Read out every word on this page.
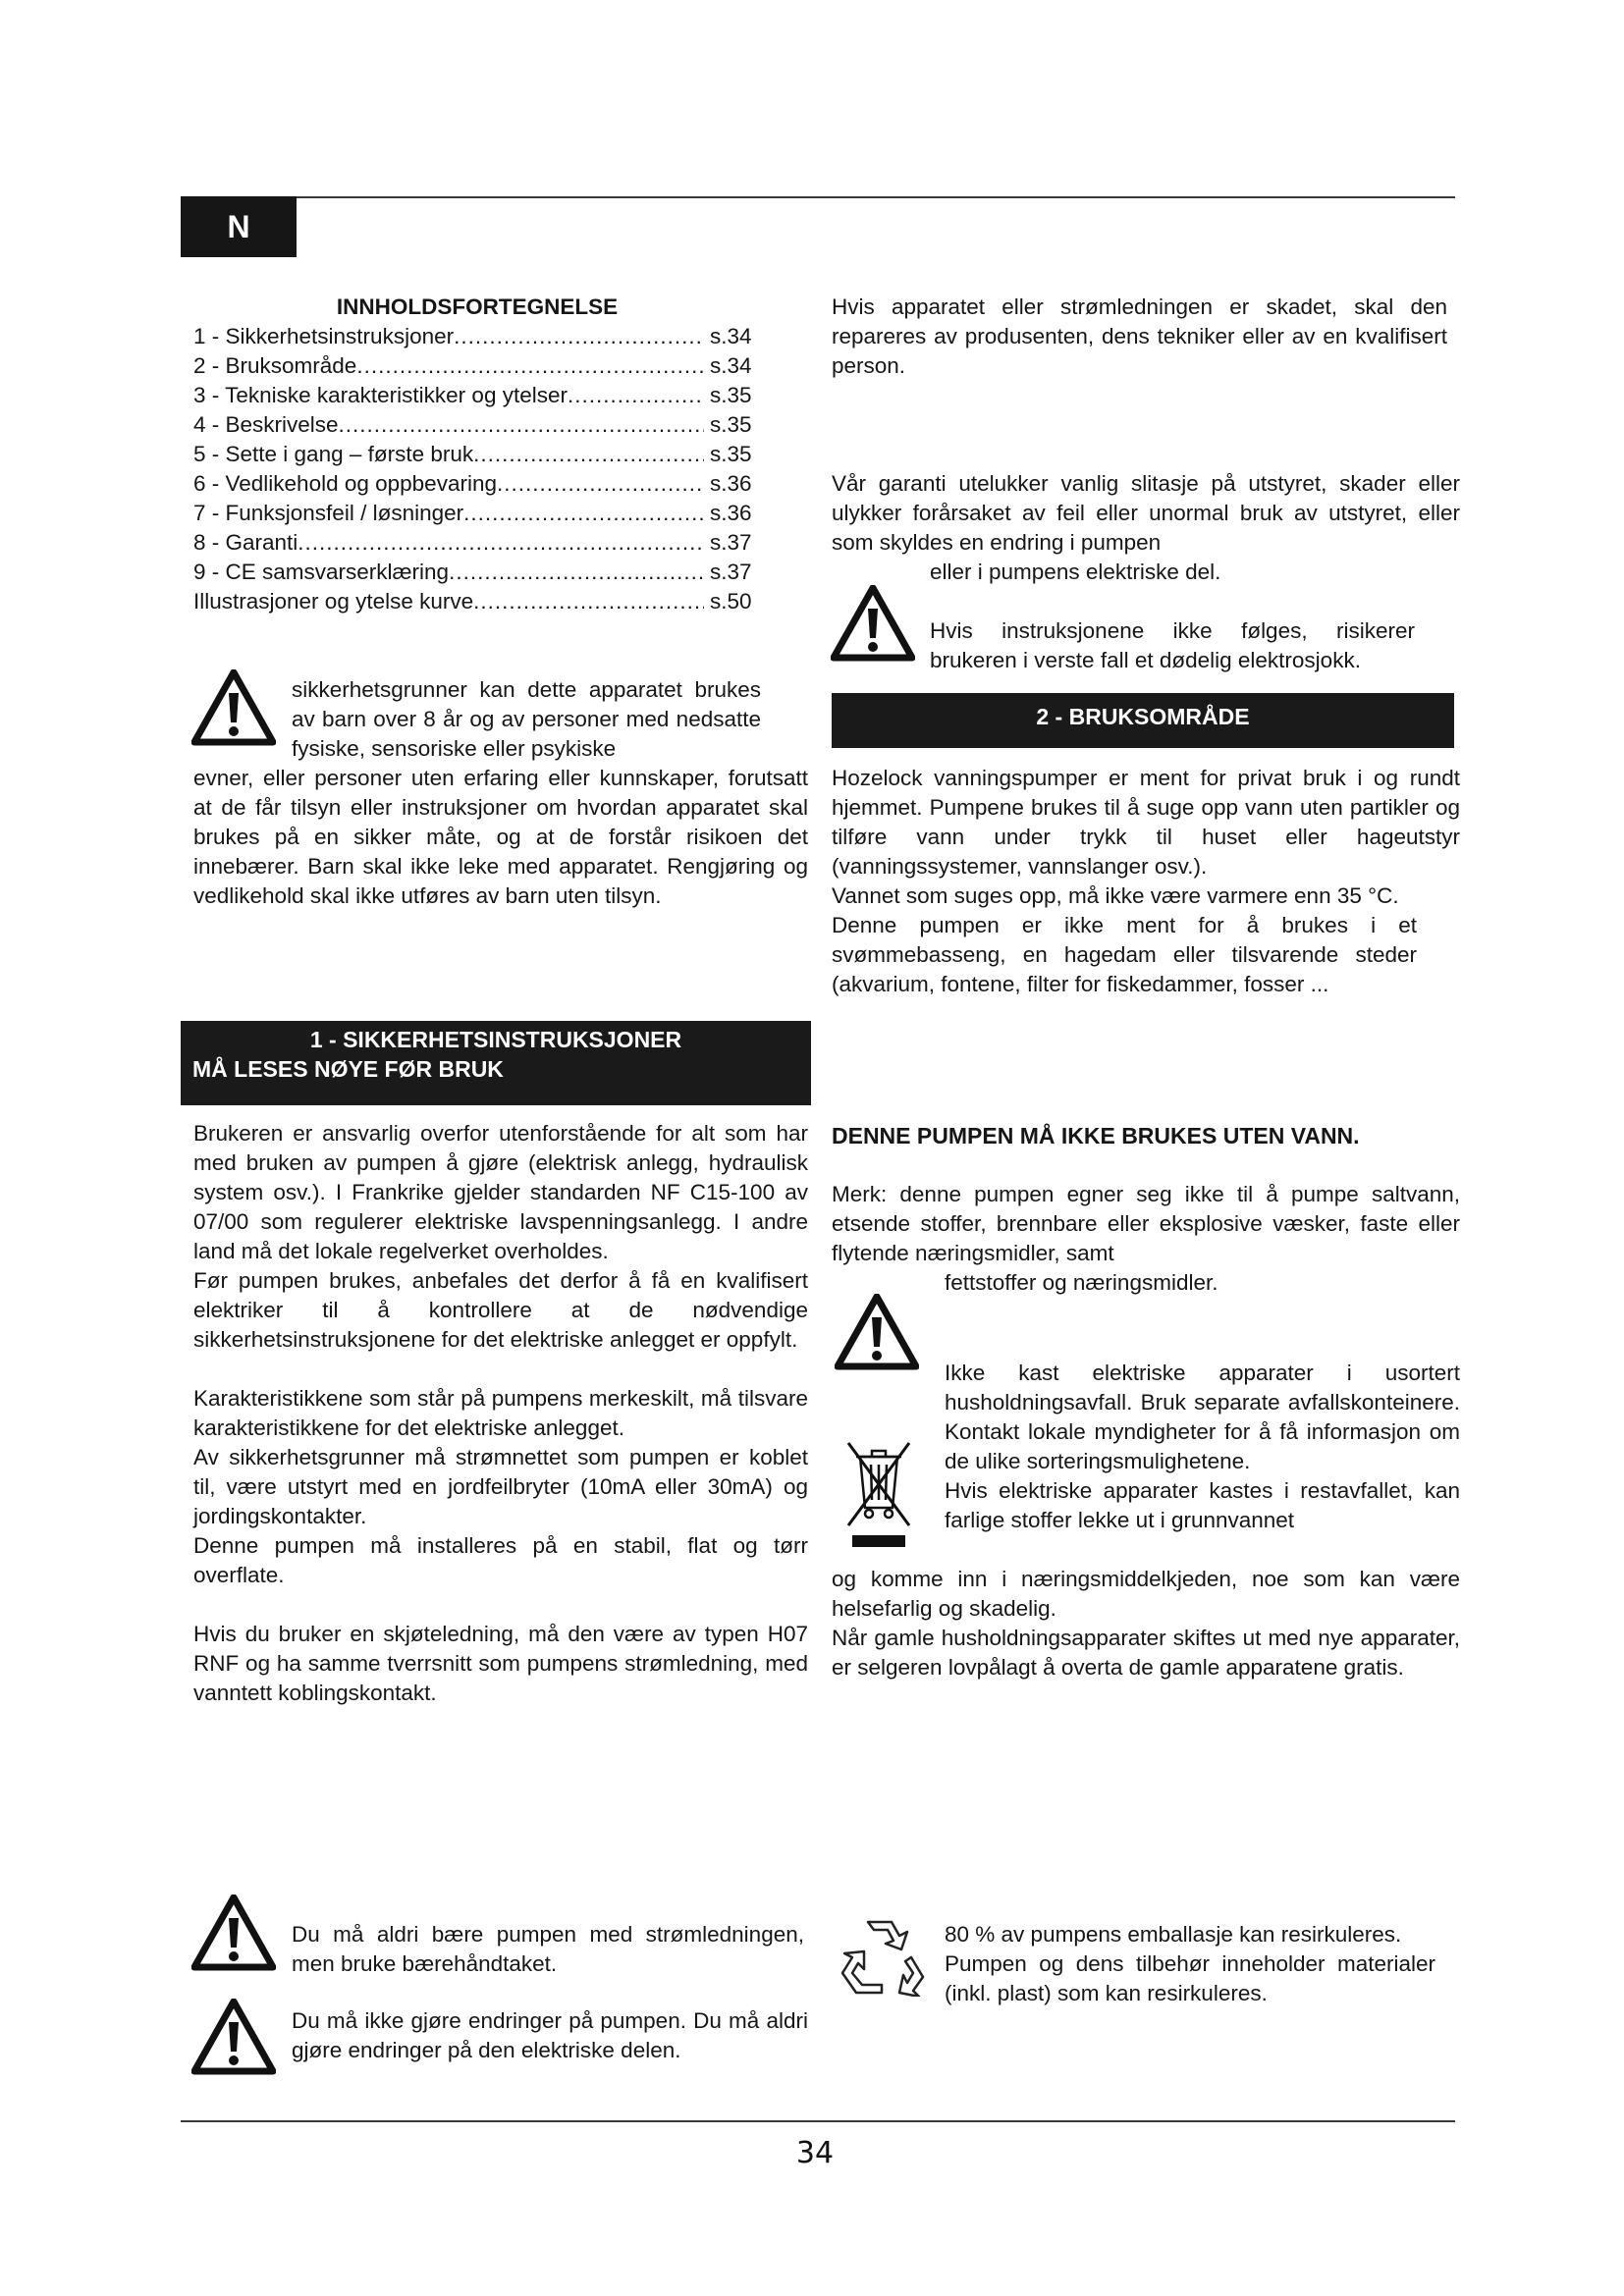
N
INNHOLDSFORTEGNELSE
1 - Sikkerhetsinstruksjoner .....	s.34
2 - Bruksområde .....	s.34
3 - Tekniske karakteristikker og ytelser .....	s.35
4 - Beskrivelse .....	s.35
5 - Sette i gang – første bruk .....	s.35
6 - Vedlikehold og oppbevaring .....	s.36
7 - Funksjonsfeil / løsninger .....	s.36
8 - Garanti .....	s.37
9 - CE samsvarserklæring .....	s.37
Illustrasjoner og ytelse kurve .....	s.50
sikkerhetsgrunner kan dette apparatet brukes av barn over 8 år og av personer med nedsatte fysiske, sensoriske eller psykiske
evner, eller personer uten erfaring eller kunnskaper, forutsatt at de får tilsyn eller instruksjoner om hvordan apparatet skal brukes på en sikker måte, og at de forstår risikoen det innebærer. Barn skal ikke leke med apparatet. Rengjøring og vedlikehold skal ikke utføres av barn uten tilsyn.
1 - SIKKERHETSINSTRUKSJONER
MÅ LESES NØYE FØR BRUK

Brukeren er ansvarlig overfor utenforstående for alt som har med bruken av pumpen å gjøre (elektrisk anlegg, hydraulisk system osv.). I Frankrike gjelder standarden NF C15-100 av 07/00 som regulerer elektriske lavspenningsanlegg. I andre land må det lokale regelverket overholdes.

Før pumpen brukes, anbefales det derfor å få en kvalifisert elektriker til å kontrollere at de nødvendige sikkerhetsinstruksjonene for det elektriske anlegget er oppfylt.

Karakteristikkene som står på pumpens merkeskilt, må tilsvare karakteristikkene for det elektriske anlegget.

Av sikkerhetsgrunner må strømnettet som pumpen er koblet til, være utstyrt med en jordfeilbryter (10mA eller 30mA) og jordingskontakter.

Denne pumpen må installeres på en stabil, flat og tørr overflate.

Hvis du bruker en skjøteledning, må den være av typen H07 RNF og ha samme tverrsnitt som pumpens strømledning, med vanntett koblingskontakt.

Du må aldri bære pumpen med strømledningen, men bruke bærehåndtaket.
Du må ikke gjøre endringer på pumpen. Du må aldri gjøre endringer på den elektriske delen.
Hvis apparatet eller strømledningen er skadet, skal den repareres av produsenten, dens tekniker eller av en kvalifisert person.
Vår garanti utelukker vanlig slitasje på utstyret, skader eller ulykker forårsaket av feil eller unormal bruk av utstyret, eller som skyldes en endring i pumpen
eller i pumpens elektriske del.
Hvis instruksjonene ikke følges, risikerer brukeren i verste fall et dødelig elektrosjokk.
2 - BRUKSOMRÅDE

Hozelock vanningspumper er ment for privat bruk i og rundt hjemmet. Pumpene brukes til å suge opp vann uten partikler og tilføre vann under trykk til huset eller hageutstyr (vanningssystemer, vannslanger osv.).

Vannet som suges opp, må ikke være varmere enn 35 °C.

Denne pumpen er ikke ment for å brukes i et svømmebasseng, en hagedam eller tilsvarende steder (akvarium, fontene, filter for fiskedammer, fosser ...

DENNE PUMPEN MÅ IKKE BRUKES UTEN VANN.
Merk: denne pumpen egner seg ikke til å pumpe saltvann, etsende stoffer, brennbare eller eksplosive væsker, faste eller flytende næringsmidler, samt
fettstoffer og næringsmidler.

Ikke kast elektriske apparater i usortert husholdningsavfall. Bruk separate avfallskonteinere. Kontakt lokale myndigheter for å få informasjon om de ulike sorteringsmulighetene.

Hvis elektriske apparater kastes i restavfallet, kan farlige stoffer lekke ut i grunnvannet

og komme inn i næringsmiddelkjeden, noe som kan være helsefarlig og skadelig.

Når gamle husholdningsapparater skiftes ut med nye apparater, er selgeren lovpålagt å overta de gamle apparatene gratis.

80 % av pumpens emballasje kan resirkuleres.

Pumpen og dens tilbehør inneholder materialer (inkl. plast) som kan resirkuleres.

34
